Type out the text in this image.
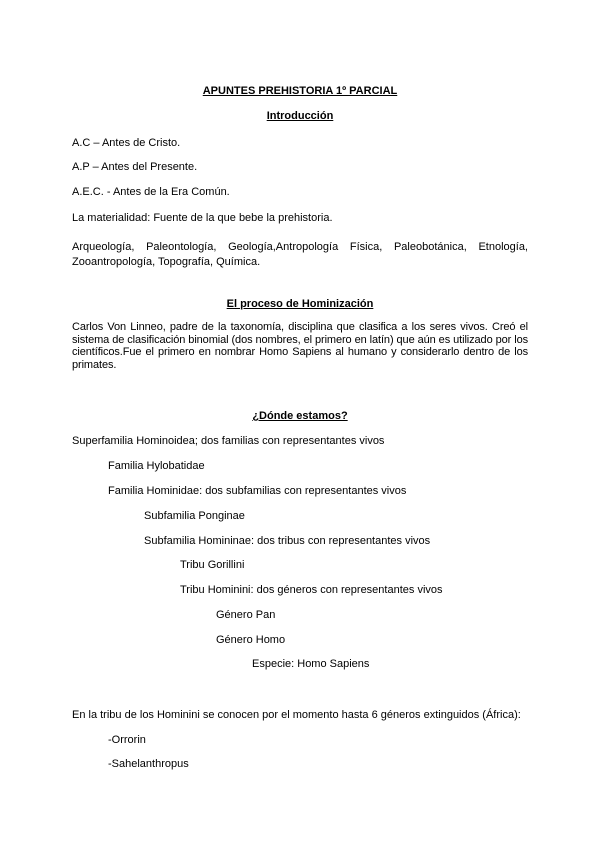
APUNTES PREHISTORIA 1º PARCIAL
Introducción
A.C – Antes de Cristo.
A.P – Antes del Presente.
A.E.C. - Antes de la Era Común.
La materialidad: Fuente de la que bebe la prehistoria.
Arqueología, Paleontología, Geología,Antropología Física, Paleobotánica, Etnología, Zooantropología, Topografía, Química.
El proceso de Hominización
Carlos Von Linneo, padre de la taxonomía, disciplina que clasifica a los seres vivos. Creó el sistema de clasificación binomial (dos nombres, el primero en latín) que aún es utilizado por los científicos.Fue el primero en nombrar Homo Sapiens al humano y considerarlo dentro de los primates.
¿Dónde estamos?
Superfamilia Hominoidea; dos familias con representantes vivos
Familia Hylobatidae
Familia Hominidae: dos subfamilias con representantes vivos
Subfamilia Ponginae
Subfamilia Homininae: dos tribus con representantes vivos
Tribu Gorillini
Tribu Hominini: dos géneros con representantes vivos
Género Pan
Género Homo
Especie: Homo Sapiens
En la tribu de los Hominini se conocen por el momento hasta 6 géneros extinguidos (África):
-Orrorin
-Sahelanthropus
